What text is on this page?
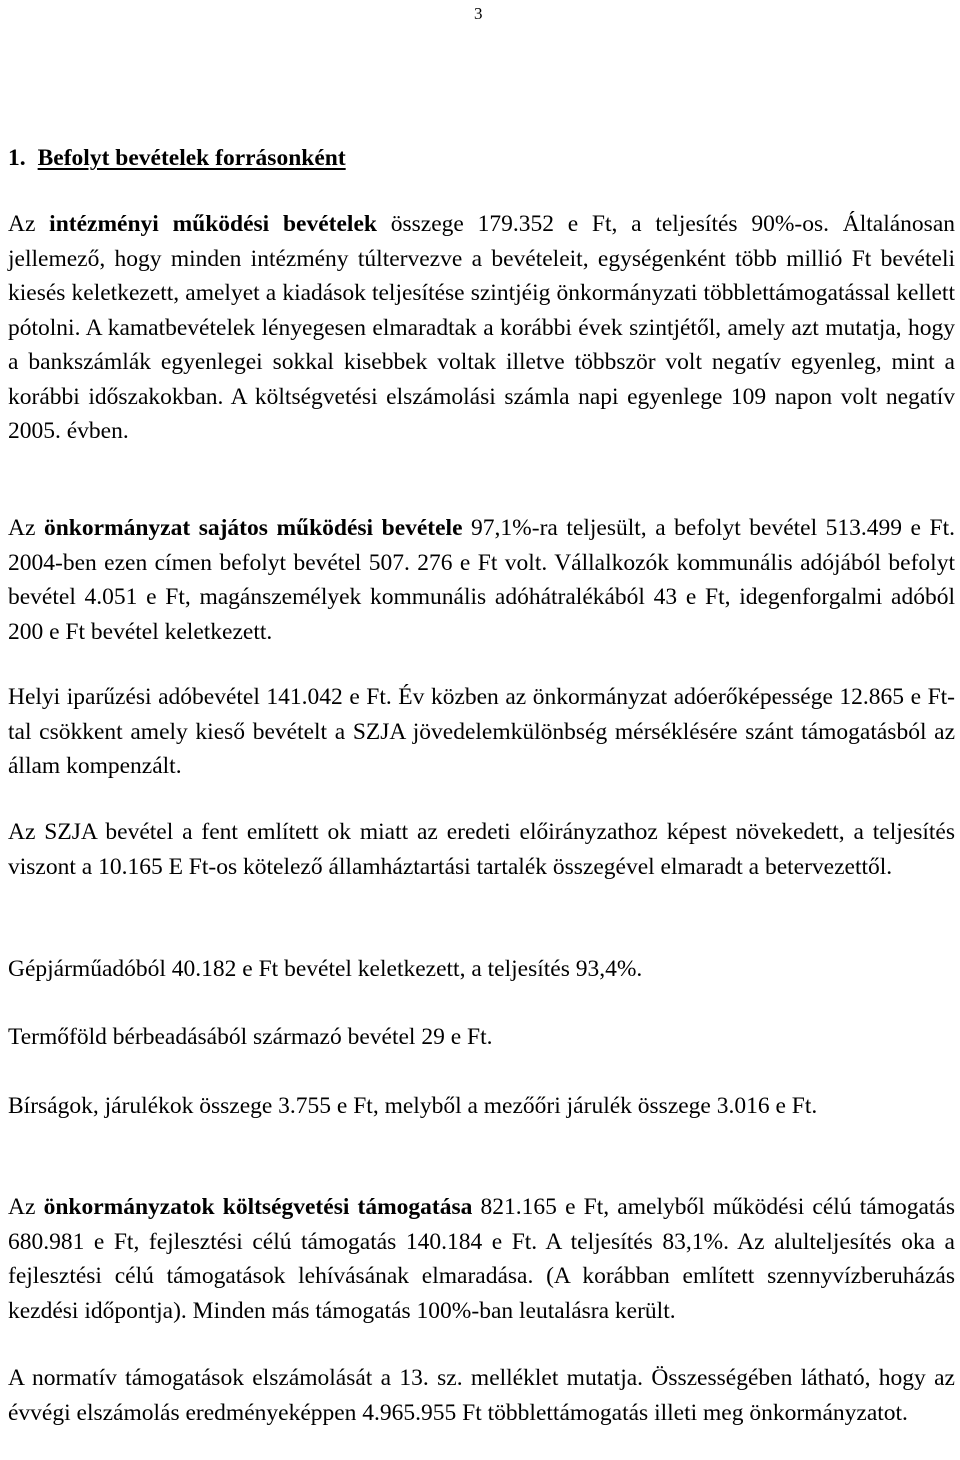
3
1. Befolyt bevételek forrásonként

Az intézményi működési bevételek összege 179.352 e Ft, a teljesítés 90%-os. Általánosan jellemező, hogy minden intézmény túltervezve a bevételeit, egységenként több millió Ft bevételi kiesés keletkezett, amelyet a kiadások teljesítése szintjéig önkormányzati többlettámogatással kellett pótolni. A kamatbevételek lényegesen elmaradtak a korábbi évek szintjétől, amely azt mutatja, hogy a bankszámlák egyenlegei sokkal kisebbek voltak illetve többször volt negatív egyenleg, mint a korábbi időszakokban. A költségvetési elszámolási számla napi egyenlege 109 napon volt negatív 2005. évben.

Az önkormányzat sajátos működési bevétele 97,1%-ra teljesült, a befolyt bevétel 513.499 e Ft. 2004-ben ezen címen befolyt bevétel 507. 276 e Ft volt. Vállalkozók kommunális adójából befolyt bevétel 4.051 e Ft, magánszemélyek kommunális adóhátralékából 43 e Ft, idegenforgalmi adóból 200 e Ft bevétel keletkezett.

Helyi iparűzési adóbevétel 141.042 e Ft. Év közben az önkormányzat adóerőképessége 12.865 e Ft-tal csökkent amely kieső bevételt a SZJA jövedelemkülönbség mérséklésére szánt támogatásból az állam kompenzált.

Az SZJA bevétel a fent említett ok miatt az eredeti előirányzathoz képest növekedett, a teljesítés viszont a 10.165 E Ft-os kötelező államháztartási tartalék összegével elmaradt a betervezettől.

Gépjárműadóból 40.182 e Ft bevétel keletkezett, a teljesítés 93,4%.

Termőföld bérbeadásából származó bevétel 29 e Ft.

Bírságok, járulékok összege 3.755 e Ft, melyből a mezőőri járulék összege 3.016 e Ft.

Az önkormányzatok költségvetési támogatása 821.165 e Ft, amelyből működési célú támogatás 680.981 e Ft, fejlesztési célú támogatás 140.184 e Ft. A teljesítés 83,1%. Az alulteljesítés oka a fejlesztési célú támogatások lehívásának elmaradása. (A korábban említett szennyvízberuházás kezdési időpontja). Minden más támogatás 100%-ban leutalásra került.

A normatív támogatások elszámolását a 13. sz. melléklet mutatja. Összességében látható, hogy az évvégi elszámolás eredményeképpen 4.965.955 Ft többlettámogatás illeti meg önkormányzatot.
